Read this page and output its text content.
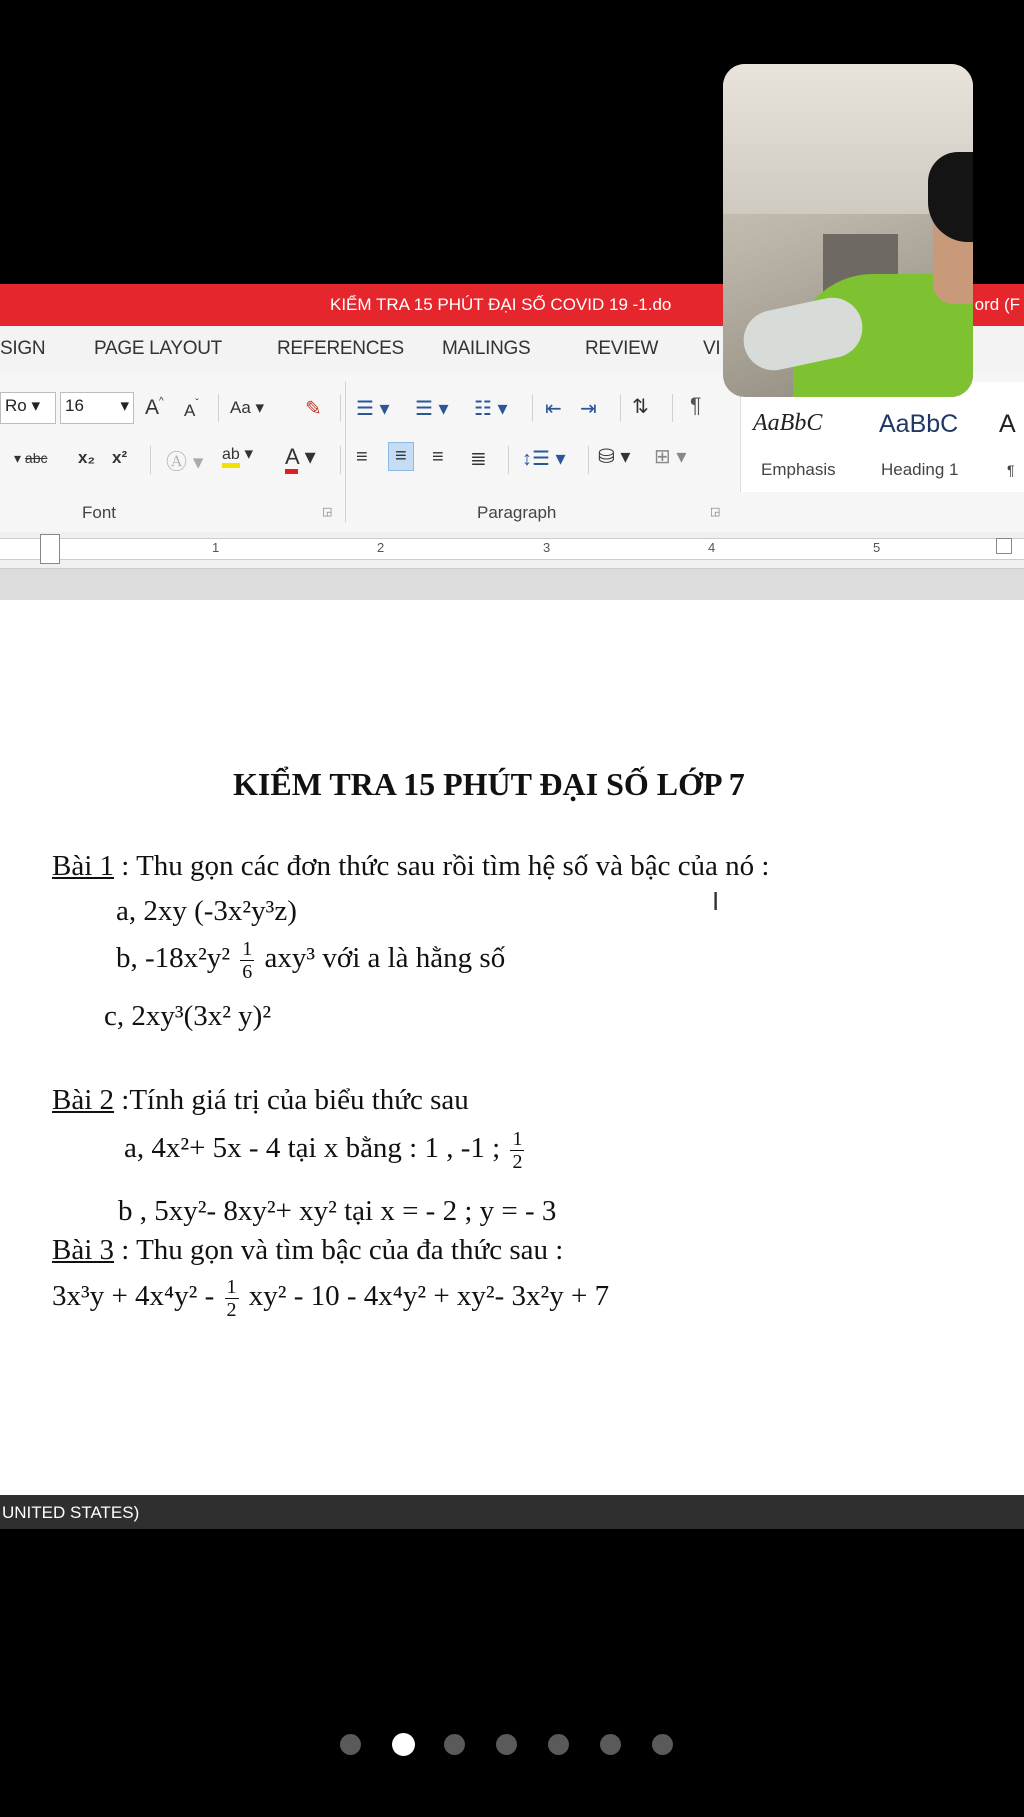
KIỂM TRA 15 PHÚT ĐẠI SỐ COVID 19 -1.do	ord (F
SIGN	PAGE LAYOUT	REFERENCES MAILINGS	REVIEW VI
Ro ▾	16 ▾ A^ $A^ˇ$ Aa ▾ ✎ ☰ ▾ ☰ ▾ ☷ ▾ ⇤ ⇥ ⇅ ¶
▾ abc x₂ x² Ⓐ ▾ ab ▾ A ▾ ≡	≡	≡ ≣ ↕☰ ▾ ⛁ ▾ ⊞ ▾
Font	◲	Paragraph	◲
AaBbC
Emphasis
AaBbC
Heading 1
A
¶
1	2	3	4	5
KIỂM TRA 15 PHÚT ĐẠI SỐ LỚP 7
Bài 1 : Thu gọn các đơn thức sau rồi tìm hệ số và bậc của nó :
a, 2xy (-3x²y³z)
b, $-18x^2y^2 \frac{1}{6} axy^3$ với a là hằng số
c, 2xy³(3x² y)²
Bài 2 :Tính giá trị của biểu thức sau
a, 4x²+ 5x - 4 tại x bằng : 1 , -1 ; $\frac{1}{2}$
b , 5xy²- 8xy²+ xy² tại x = - 2 ; y = - 3
Bài 3 : Thu gọn và tìm bậc của đa thức sau :
$3x^3y + 4x^4y^2 - \frac{1}{2} xy^2 - 10 - 4x^4y^2 + xy^2-$ 3x²y + 7
I
UNITED STATES)
